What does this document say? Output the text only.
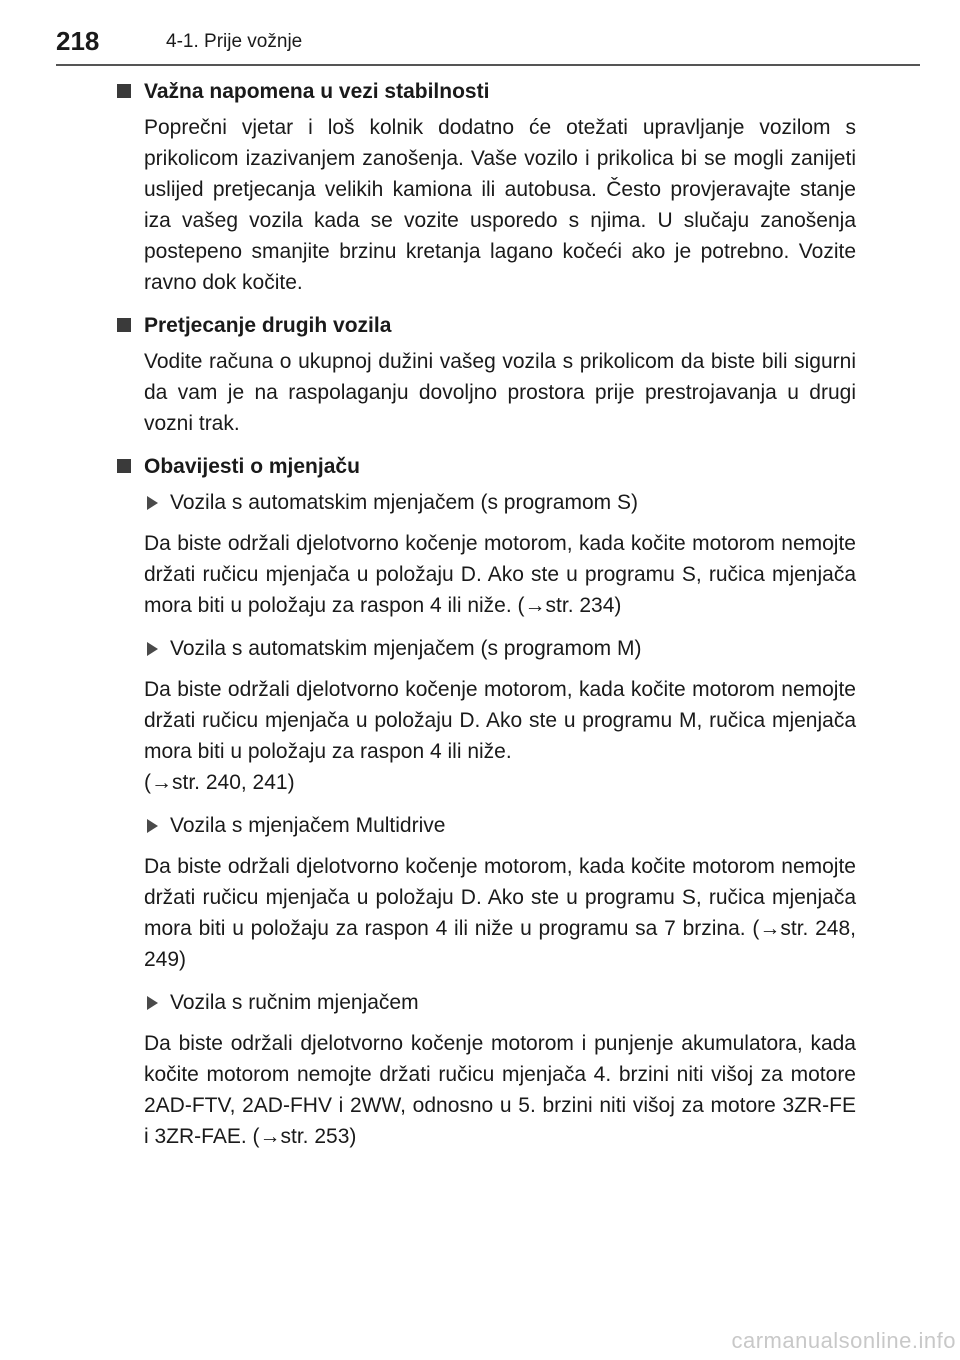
218	4-1. Prije vožnje
Važna napomena u vezi stabilnosti

Poprečni vjetar i loš kolnik dodatno će otežati upravljanje vozilom s prikolicom izazivanjem zanošenja. Vaše vozilo i prikolica bi se mogli zanijeti uslijed pretjecanja velikih kamiona ili autobusa. Često provjeravajte stanje iza vašeg vozila kada se vozite usporedo s njima. U slučaju zanošenja postepeno smanjite brzinu kretanja lagano kočeći ako je potrebno. Vozite ravno dok kočite.

Pretjecanje drugih vozila

Vodite računa o ukupnoj dužini vašeg vozila s prikolicom da biste bili sigurni da vam je na raspolaganju dovoljno prostora prije prestrojavanja u drugi vozni trak.

Obavijesti o mjenjaču
Vozila s automatskim mjenjačem (s programom S)

Da biste održali djelotvorno kočenje motorom, kada kočite motorom nemojte držati ručicu mjenjača u položaju D. Ako ste u programu S, ručica mjenjača mora biti u položaju za raspon 4 ili niže. (→str. 234)

Vozila s automatskim mjenjačem (s programom M)

Da biste održali djelotvorno kočenje motorom, kada kočite motorom nemojte držati ručicu mjenjača u položaju D. Ako ste u programu M, ručica mjenjača mora biti u položaju za raspon 4 ili niže.
(→str. 240, 241)

Vozila s mjenjačem Multidrive

Da biste održali djelotvorno kočenje motorom, kada kočite motorom nemojte držati ručicu mjenjača u položaju D. Ako ste u programu S, ručica mjenjača mora biti u položaju za raspon 4 ili niže u programu sa 7 brzina. (→str. 248, 249)

Vozila s ručnim mjenjačem

Da biste održali djelotvorno kočenje motorom i punjenje akumulatora, kada kočite motorom nemojte držati ručicu mjenjača 4. brzini niti višoj za motore 2AD-FTV, 2AD-FHV i 2WW, odnosno u 5. brzini niti višoj za motore 3ZR-FE i 3ZR-FAE. (→str. 253)

carmanualsonline.info
